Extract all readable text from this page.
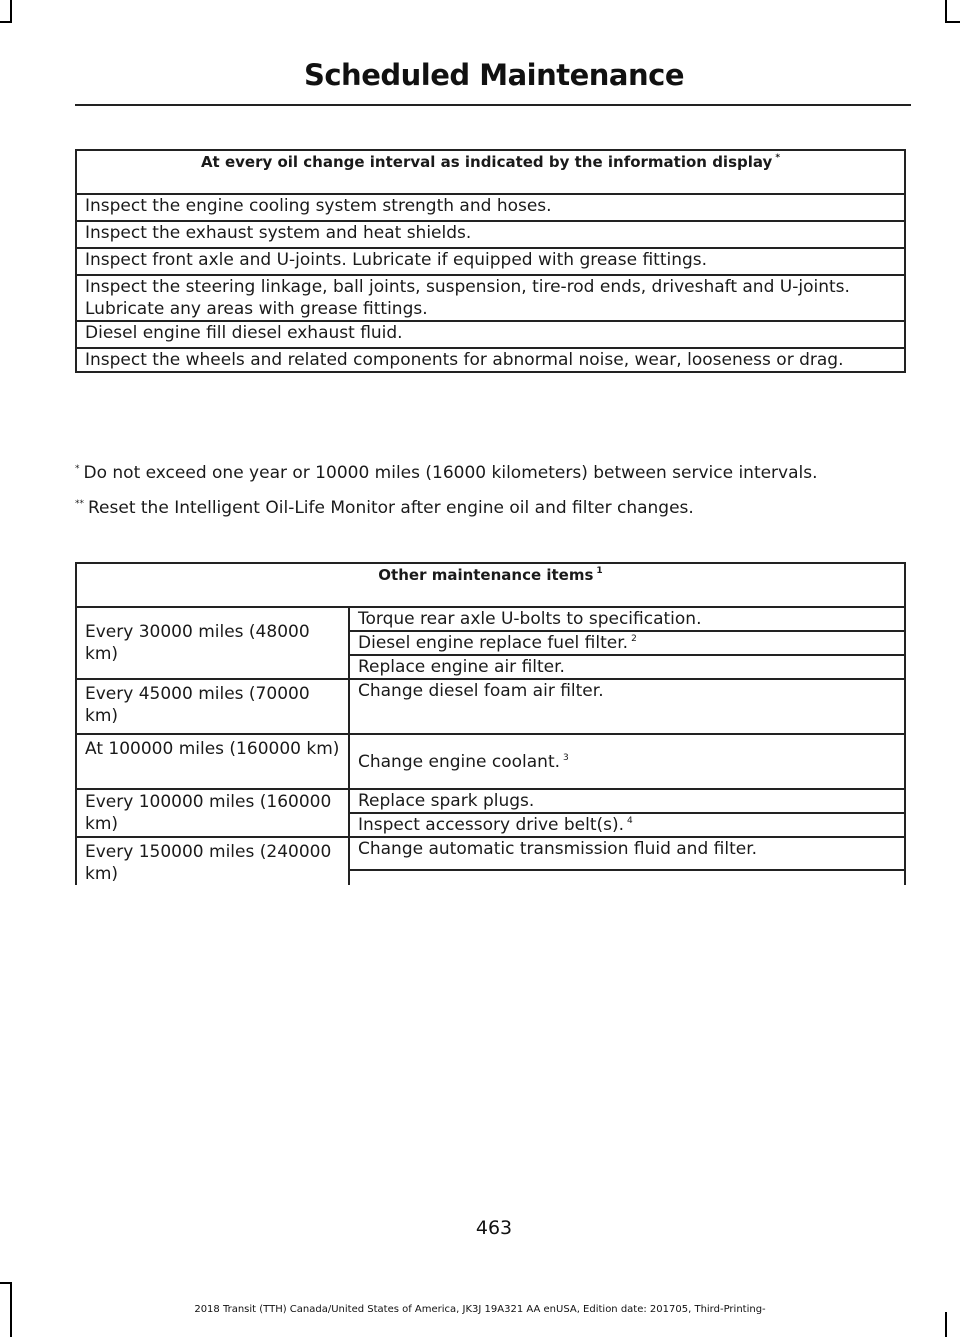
Scheduled Maintenance
At every oil change interval as indicated by the information display *
Inspect the engine cooling system strength and hoses.
Inspect the exhaust system and heat shields.
Inspect front axle and U-joints. Lubricate if equipped with grease fittings.
Inspect the steering linkage, ball joints, suspension, tire-rod ends, driveshaft and U-joints. Lubricate any areas with grease fittings.
Diesel engine fill diesel exhaust fluid.
Inspect the wheels and related components for abnormal noise, wear, looseness or drag.
* Do not exceed one year or 10000 miles (16000 kilometers) between service intervals.
** Reset the Intelligent Oil-Life Monitor after engine oil and filter changes.
Other maintenance items $^1$
Every 30000 miles (48000 km)	Torque rear axle U-bolts to specification.
	Diesel engine replace fuel filter. $^2$
	Replace engine air filter.
Every 45000 miles (70000 km)	Change diesel foam air filter.
At 100000 miles (160000 km)	Change engine coolant. $^3$
Every 100000 miles (160000 km)	Replace spark plugs.
	Inspect accessory drive belt(s). $^4$
Every 150000 miles (240000 km)	Change automatic transmission fluid and filter.

463
2018 Transit (TTH) Canada/United States of America, JK3J 19A321 AA enUSA, Edition date: 201705, Third-Printing-
